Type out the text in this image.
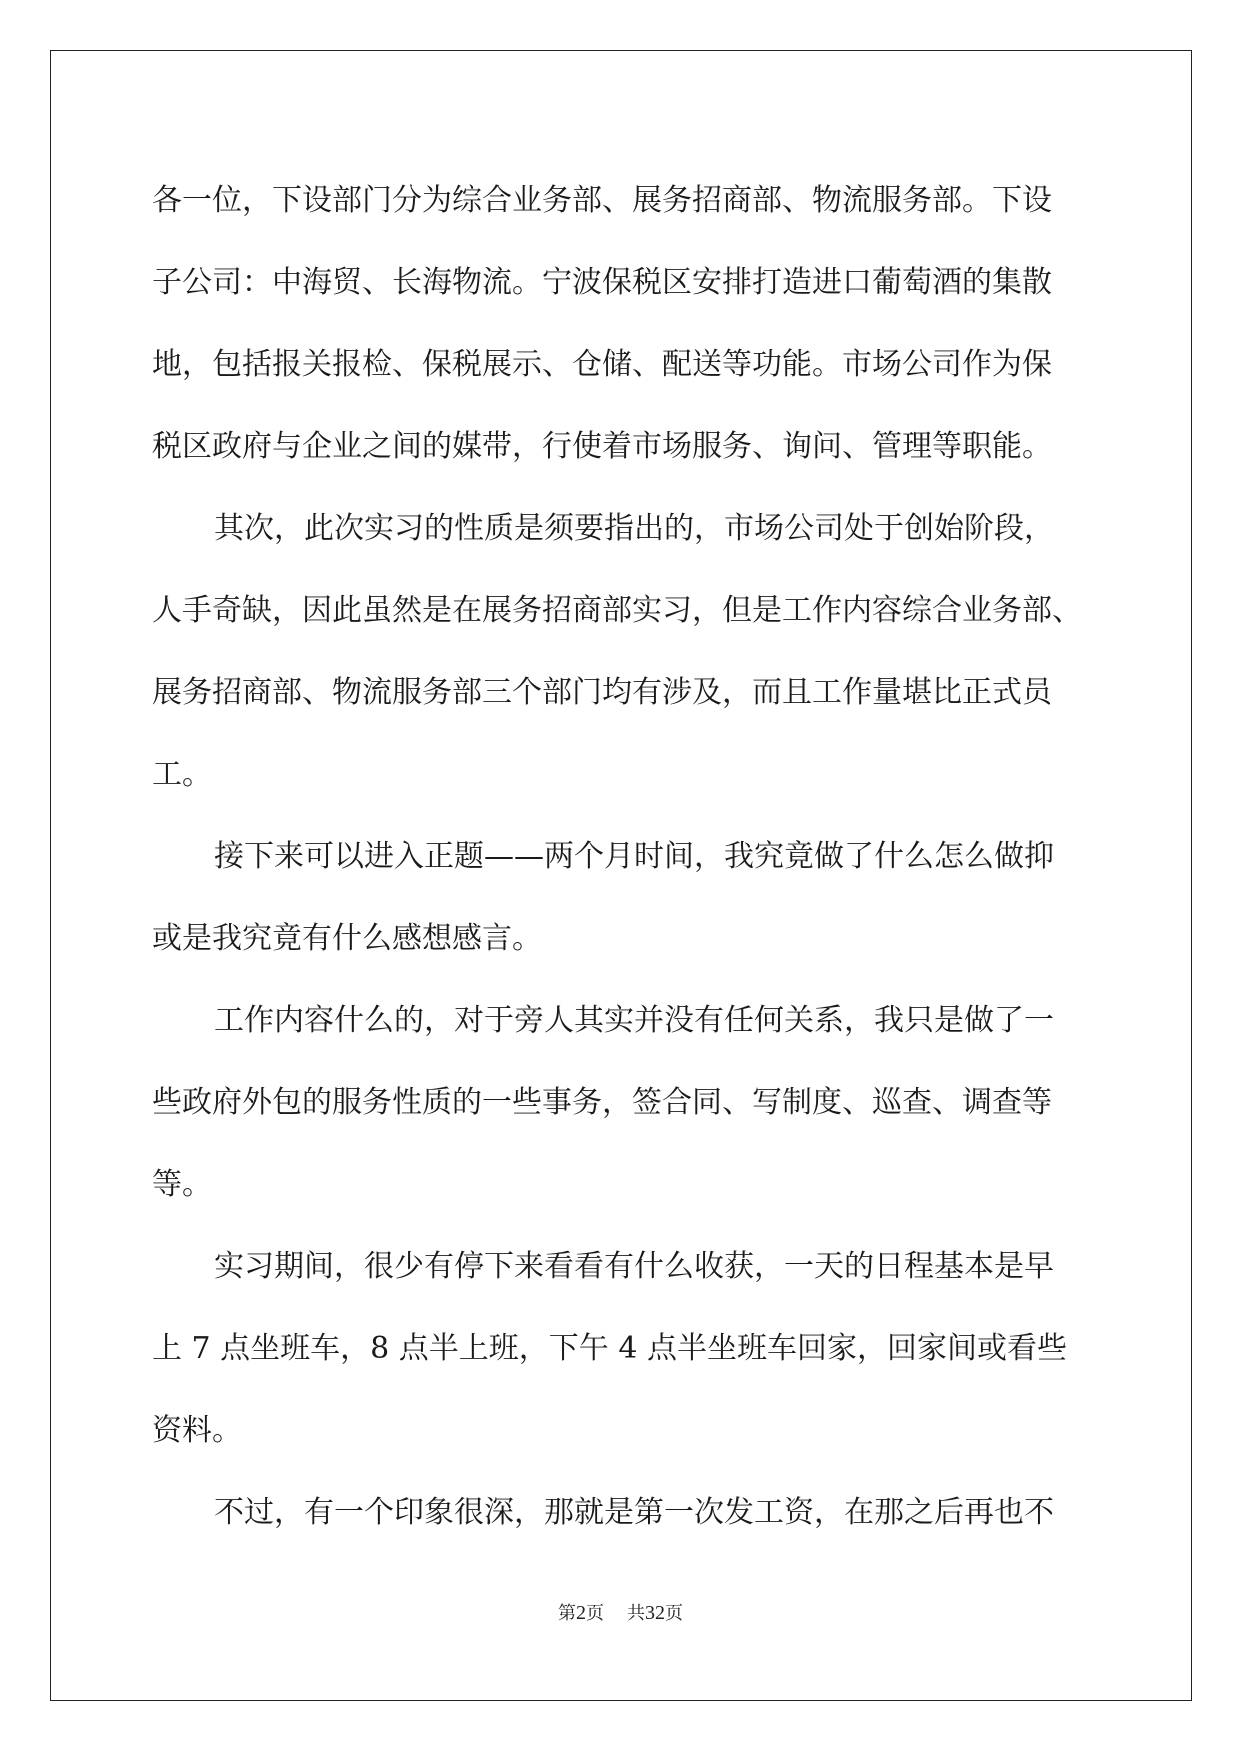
各一位，下设部门分为综合业务部、展务招商部、物流服务部。下设
子公司：中海贸、长海物流。宁波保税区安排打造进口葡萄酒的集散
地，包括报关报检、保税展示、仓储、配送等功能。市场公司作为保
税区政府与企业之间的媒带，行使着市场服务、询问、管理等职能。
其次，此次实习的性质是须要指出的，市场公司处于创始阶段，
人手奇缺，因此虽然是在展务招商部实习，但是工作内容综合业务部、
展务招商部、物流服务部三个部门均有涉及，而且工作量堪比正式员
工。
接下来可以进入正题——两个月时间，我究竟做了什么怎么做抑
或是我究竟有什么感想感言。
工作内容什么的，对于旁人其实并没有任何关系，我只是做了一
些政府外包的服务性质的一些事务，签合同、写制度、巡查、调查等
等。
实习期间，很少有停下来看看有什么收获，一天的日程基本是早
上 7 点坐班车，8 点半上班，下午 4 点半坐班车回家，回家间或看些
资料。
不过，有一个印象很深，那就是第一次发工资，在那之后再也不
第2页 共32页
